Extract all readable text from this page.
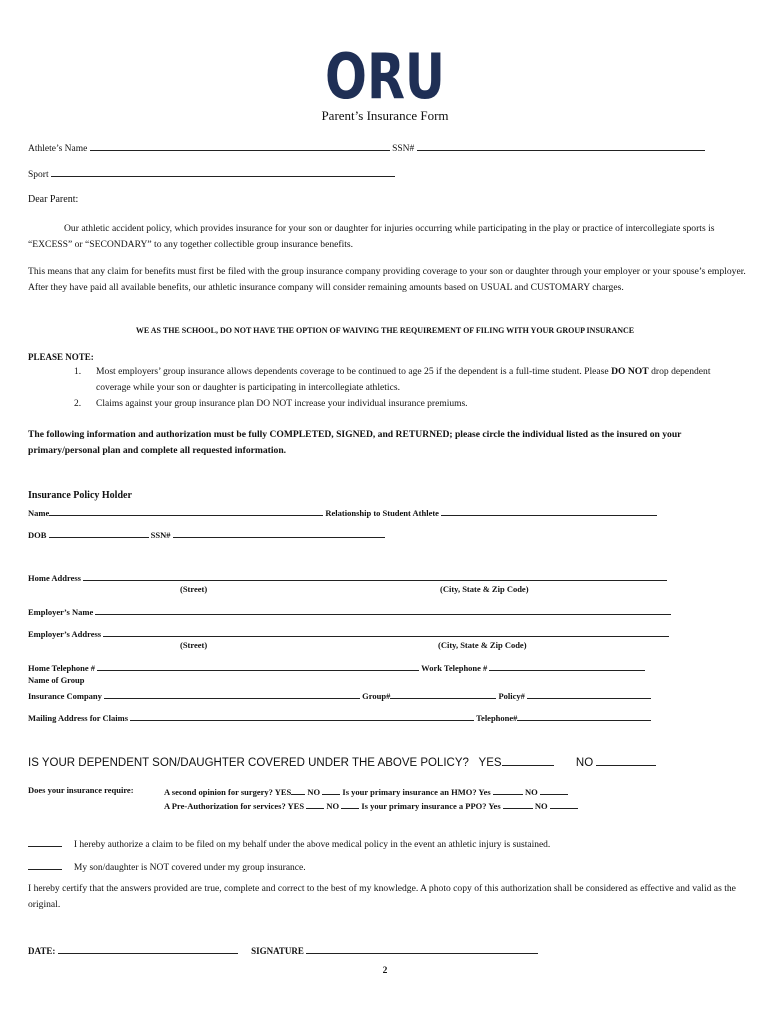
ORU
Parent’s Insurance Form
Athlete’s Name	SSN#
Sport
Dear Parent:
Our athletic accident policy, which provides insurance for your son or daughter for injuries occurring while participating in the play or practice of intercollegiate sports is “EXCESS” or “SECONDARY” to any together collectible group insurance benefits.
This means that any claim for benefits must first be filed with the group insurance company providing coverage to your son or daughter through your employer or your spouse’s employer. After they have paid all available benefits, our athletic insurance company will consider remaining amounts based on USUAL and CUSTOMARY charges.
WE AS THE SCHOOL, DO NOT HAVE THE OPTION OF WAIVING THE REQUIREMENT OF FILING WITH YOUR GROUP INSURANCE
PLEASE NOTE:
1. Most employers’ group insurance allows dependents coverage to be continued to age 25 if the dependent is a full-time student. Please DO NOT drop dependent coverage while your son or daughter is participating in intercollegiate athletics.
2. Claims against your group insurance plan DO NOT increase your individual insurance premiums.
The following information and authorization must be fully COMPLETED, SIGNED, and RETURNED; please circle the individual listed as the insured on your primary/personal plan and complete all requested information.
Insurance Policy Holder
Name	Relationship to Student Athlete
DOB	SSN#
Home Address
(Street)	(City, State & Zip Code)
Employer’s Name
Employer’s Address
(Street)	(City, State & Zip Code)
Home Telephone #	Work Telephone #
Name of Group
Insurance Company	Group#	Policy#
Mailing Address for Claims	Telephone#
IS YOUR DEPENDENT SON/DAUGHTER COVERED UNDER THE ABOVE POLICY? YES	NO
Does your insurance require:	A second opinion for surgery? YES NO	Is your primary insurance an HMO? Yes	NO
A Pre-Authorization for services? YES	NO	Is your primary insurance a PPO? Yes	NO
I hereby authorize a claim to be filed on my behalf under the above medical policy in the event an athletic injury is sustained.
My son/daughter is NOT covered under my group insurance.
I hereby certify that the answers provided are true, complete and correct to the best of my knowledge. A photo copy of this authorization shall be considered as effective and valid as the original.
DATE:	SIGNATURE
2
